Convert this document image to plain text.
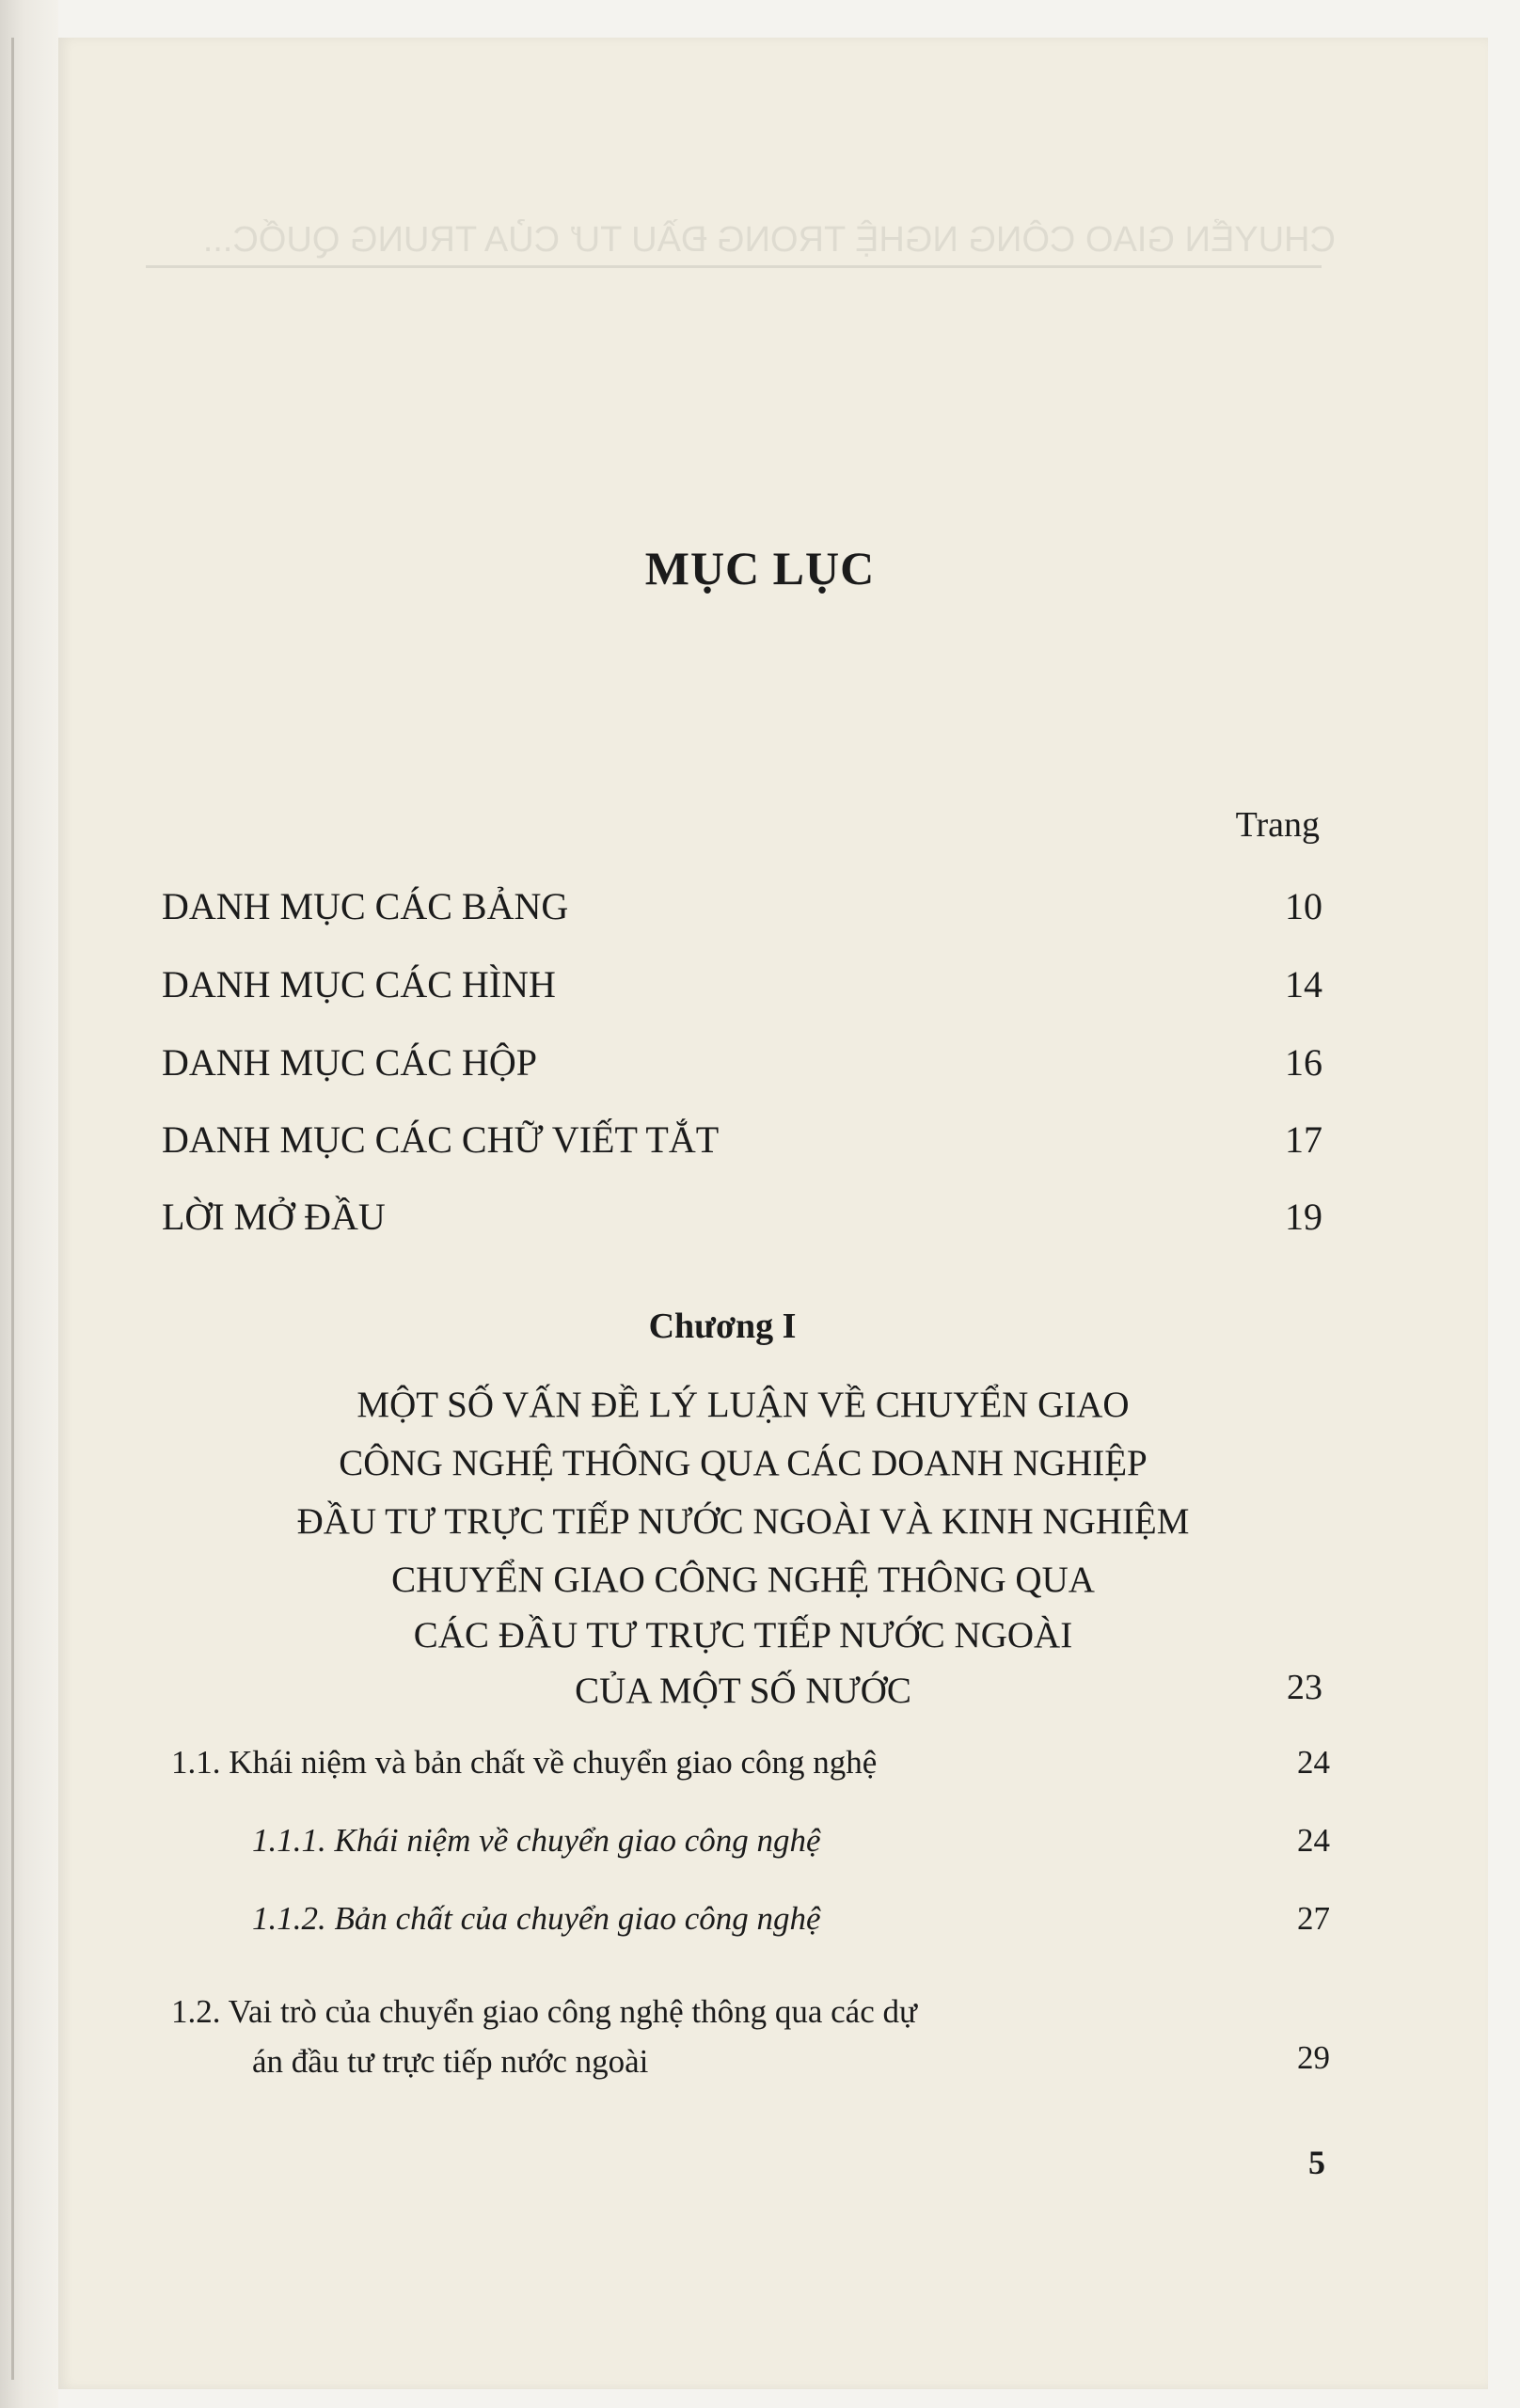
MỤC LỤC
Trang
DANH MỤC CÁC BẢNG	10
DANH MỤC CÁC HÌNH	14
DANH MỤC CÁC HỘP	16
DANH MỤC CÁC CHỮ VIẾT TẮT	17
LỜI MỞ ĐẦU	19
Chương I
MỘT SỐ VẤN ĐỀ LÝ LUẬN VỀ CHUYỂN GIAO
CÔNG NGHỆ THÔNG QUA CÁC DOANH NGHIỆP
ĐẦU TƯ TRỰC TIẾP NƯỚC NGOÀI VÀ KINH NGHIỆM
CHUYỂN GIAO CÔNG NGHỆ THÔNG QUA
CÁC ĐẦU TƯ TRỰC TIẾP NƯỚC NGOÀI
CỦA MỘT SỐ NƯỚC	23
1.1. Khái niệm và bản chất về chuyển giao công nghệ	24
1.1.1. Khái niệm về chuyển giao công nghệ	24
1.1.2. Bản chất của chuyển giao công nghệ	27
1.2. Vai trò của chuyển giao công nghệ thông qua các dự
án đầu tư trực tiếp nước ngoài	29
5
